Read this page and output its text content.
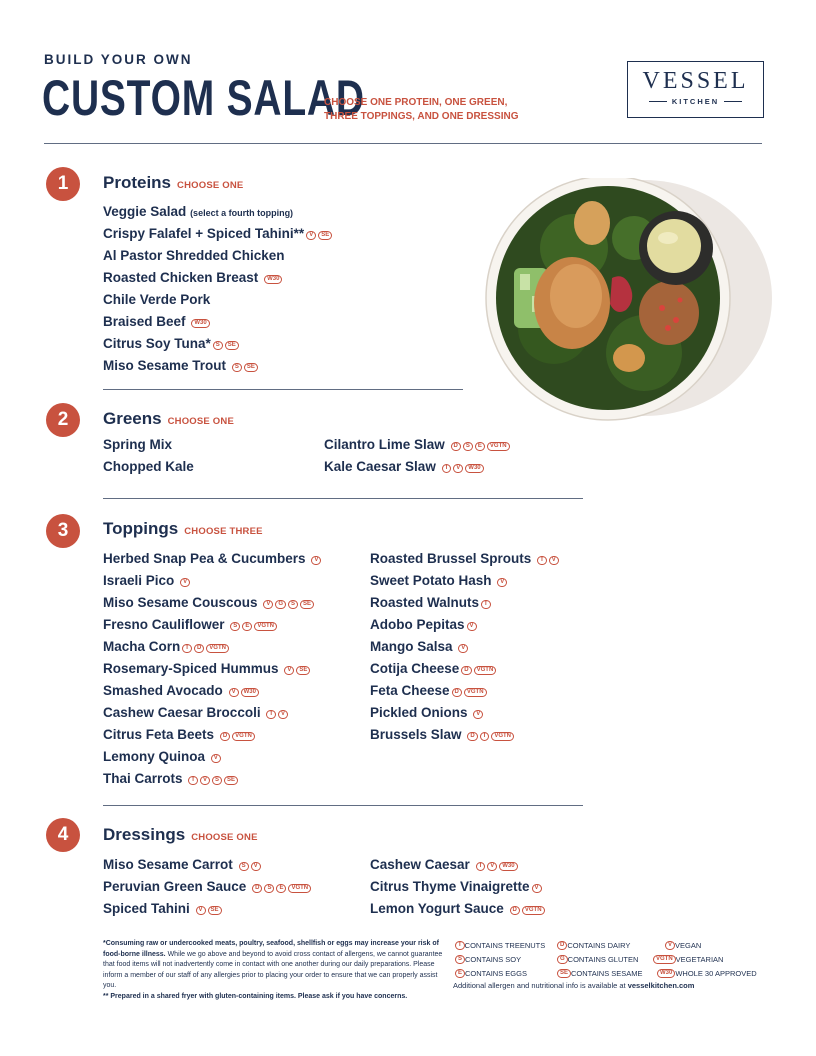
BUILD YOUR OWN
CUSTOM SALAD
CHOOSE ONE PROTEIN, ONE GREEN,
THREE TOPPINGS, AND ONE DRESSING
VESSEL
KITCHEN
1	Proteins CHOOSE ONE
Veggie Salad (select a fourth topping)
Crispy Falafel + Spiced Tahini** V SE
Al Pastor Shredded Chicken
Roasted Chicken Breast W30
Chile Verde Pork
Braised Beef W30
Citrus Soy Tuna* S SE
Miso Sesame Trout S SE
2	Greens CHOOSE ONE
Spring Mix
Chopped Kale
Cilantro Lime Slaw D S E VGTN
Kale Caesar Slaw T V W30
3	Toppings CHOOSE THREE
Herbed Snap Pea & Cucumbers V
Israeli Pico V
Miso Sesame Couscous V G S SE
Fresno Cauliflower S E VGTN
Macha Corn T D VGTN
Rosemary-Spiced Hummus V SE
Smashed Avocado V W30
Cashew Caesar Broccoli T V
Citrus Feta Beets D VGTN
Lemony Quinoa V
Thai Carrots T V S SE
Roasted Brussel Sprouts T V
Sweet Potato Hash V
Roasted Walnuts T
Adobo Pepitas V
Mango Salsa V
Cotija Cheese D VGTN
Feta Cheese D VGTN
Pickled Onions V
Brussels Slaw D T VGTN
4	Dressings CHOOSE ONE
Miso Sesame Carrot S V
Peruvian Green Sauce D S E VGTN
Spiced Tahini V SE
Cashew Caesar T V W30
Citrus Thyme Vinaigrette V
Lemon Yogurt Sauce D VGTN
*Consuming raw or undercooked meats, poultry, seafood, shellfish or eggs may increase your risk of food-borne illness. While we go above and beyond to avoid cross contact of allergens, we cannot guarantee that food items will not inadvertently come in contact with one another during our daily preparations. Please inform a member of our staff of any allergies prior to placing your order to ensure that we can properly assist you.
** Prepared in a shared fryer with gluten-containing items. Please ask if you have concerns.
T CONTAINS TREENUTS	D CONTAINS DAIRY	V VEGAN
S CONTAINS SOY	G CONTAINS GLUTEN	VGTN VEGETARIAN
E CONTAINS EGGS	SE CONTAINS SESAME	W30 WHOLE 30 APPROVED
Additional allergen and nutritional info is available at vesselkitchen.com
